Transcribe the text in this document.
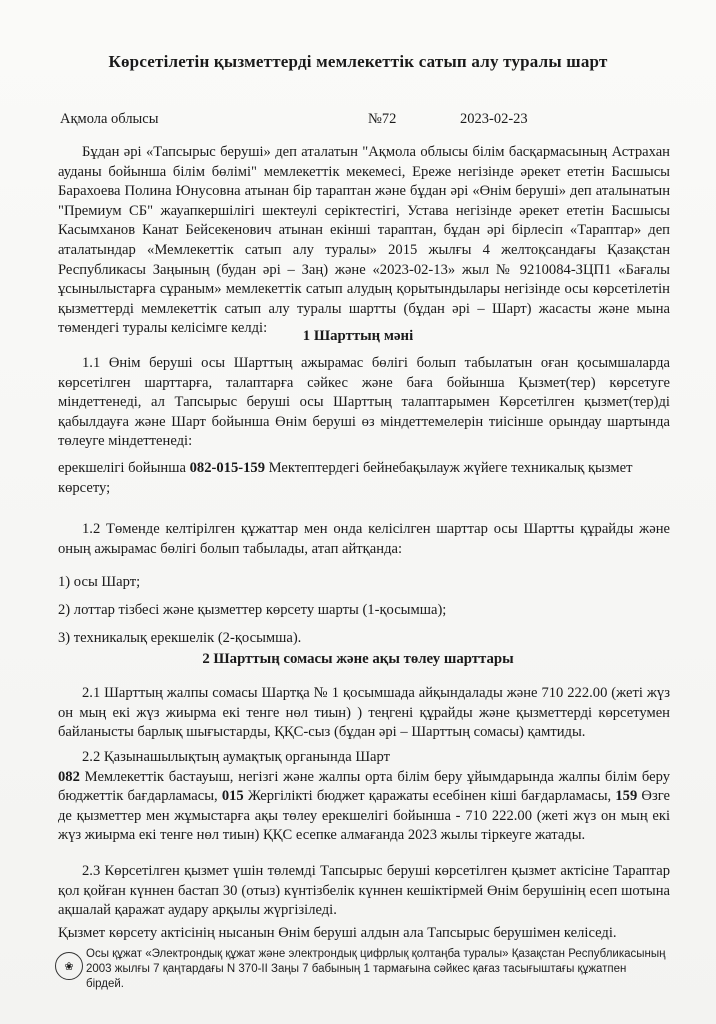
Көрсетілетін қызметтерді мемлекеттік сатып алу туралы шарт
Ақмола облысы	№72	2023-02-23
Бұдан әрі «Тапсырыс беруші» деп аталатын "Ақмола облысы білім басқармасының Астрахан ауданы бойынша білім бөлімі" мемлекеттік мекемесі, Ереже негізінде әрекет ететін Басшысы Барахоева Полина Юнусовна атынан бір тараптан және бұдан әрі «Өнім беруші» деп аталынатын "Премиум СБ" жауапкершілігі шектеулі серіктестігі, Устава негізінде әрекет ететін Басшысы Касымханов Канат Бейсекенович атынан екінші тараптан, бұдан әрі бірлесіп «Тараптар» деп аталатындар «Мемлекеттік сатып алу туралы» 2015 жылғы 4 желтоқсандағы Қазақстан Республикасы Заңының (будан әрі – Заң) және «2023-02-13» жыл № 9210084-ЗЦП1 «Бағалы ұсынылыстарға сұраным» мемлекеттік сатып алудың қорытындылары негізінде осы көрсетілетін қызметтерді мемлекеттік сатып алу туралы шартты (бұдан әрі – Шарт) жасасты және мына төмендегі туралы келісімге келді:	1 Шарттың мәні
1.1 Өнім беруші осы Шарттың ажырамас бөлігі болып табылатын оған қосымшаларда көрсетілген шарттарға, талаптарға сәйкес және баға бойынша Қызмет(тер) көрсетуге міндеттенеді, ал Тапсырыс беруші осы Шарттың талаптарымен Көрсетілген қызмет(тер)ді қабылдауға және Шарт бойынша Өнім беруші өз міндеттемелерін тиісінше орындау шартында төлеуге міндеттенеді:
ерекшелігі бойынша 082-015-159 Мектептердегі бейнебақылауж жүйеге техникалық қызмет
көрсету;
1.2 Төменде келтірілген құжаттар мен онда келісілген шарттар осы Шартты құрайды және оның ажырамас бөлігі болып табылады, атап айтқанда:
1) осы Шарт;
2) лоттар тізбесі және қызметтер көрсету шарты (1-қосымша);
3) техникалық ерекшелік (2-қосымша).
2 Шарттың сомасы және ақы төлеу шарттары
2.1 Шарттың жалпы сомасы Шартқа № 1 қосымшада айқындалады және 710 222.00 (жеті жүз он мың екі жүз жиырма екі тенге нөл тиын) ) теңгені құрайды және қызметтерді көрсетумен байланысты барлық шығыстарды, ҚҚС-сыз (бұдан әрі – Шарттың сомасы) қамтиды.
2.2 Қазынашылықтың аумақтық органында Шарт
082 Мемлекеттік бастауыш, негізгі және жалпы орта білім беру ұйымдарында жалпы білім беру бюджеттік бағдарламасы, 015 Жергілікті бюджет қаражаты есебінен кіші бағдарламасы, 159 Өзге де қызметтер мен жұмыстарға ақы төлеу ерекшелігі бойынша - 710 222.00 (жеті жүз он мың екі жүз жиырма екі тенге нөл тиын) ҚҚС есепке алмағанда 2023 жылы тіркеуге жатады.
2.3 Көрсетілген қызмет үшін төлемді Тапсырыс беруші көрсетілген қызмет актісіне Тараптар қол қойған күннен бастап 30 (отыз) күнтізбелік күннен кешіктірмей Өнім берушінің есеп шотына ақшалай қаражат аудару арқылы жүргізіледі.
Қызмет көрсету актісінің нысанын Өнім беруші алдын ала Тапсырыс берушімен келіседі.
❀
Осы құжат «Электрондық құжат және электрондық цифрлық қолтаңба туралы» Қазақстан Республикасының 2003 жылғы 7 қаңтардағы N 370-II Заңы 7 бабының 1 тармағына сәйкес қағаз тасығыштағы құжатпен бірдей.
